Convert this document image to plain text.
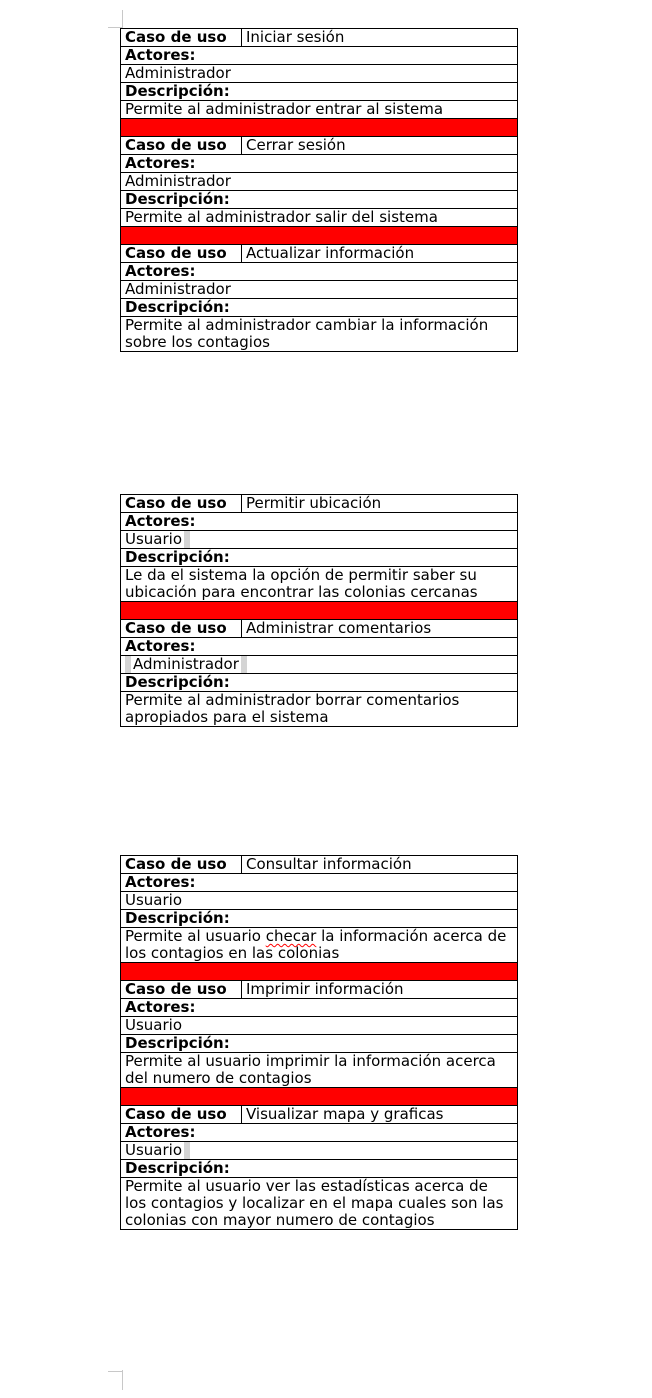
Caso de uso	Iniciar sesión
Actores:	
Administrador	
Descripción:	
Permite al administrador entrar al sistema	

Caso de uso	Cerrar sesión
Actores:	
Administrador	
Descripción:	
Permite al administrador salir del sistema	

Caso de uso	Actualizar información
Actores:	
Administrador	
Descripción:	
Permite al administrador cambiar la información sobre los contagios	
Caso de uso	Permitir ubicación
Actores:	
Usuario	
Descripción:	
Le da el sistema la opción de permitir saber su ubicación para encontrar las colonias cercanas	

Caso de uso	Administrar comentarios
Actores:	
Administrador	
Descripción:	
Permite al administrador borrar comentarios apropiados para el sistema	
Caso de uso	Consultar información
Actores:	
Usuario	
Descripción:	
Permite al usuario checar la información acerca de los contagios en las colonias	

Caso de uso	Imprimir información
Actores:	
Usuario	
Descripción:	
Permite al usuario imprimir la información acerca del numero de contagios	

Caso de uso	Visualizar mapa y graficas
Actores:	
Usuario	
Descripción:	
Permite al usuario ver las estadísticas acerca de los contagios y localizar en el mapa cuales son las colonias con mayor numero de contagios	
